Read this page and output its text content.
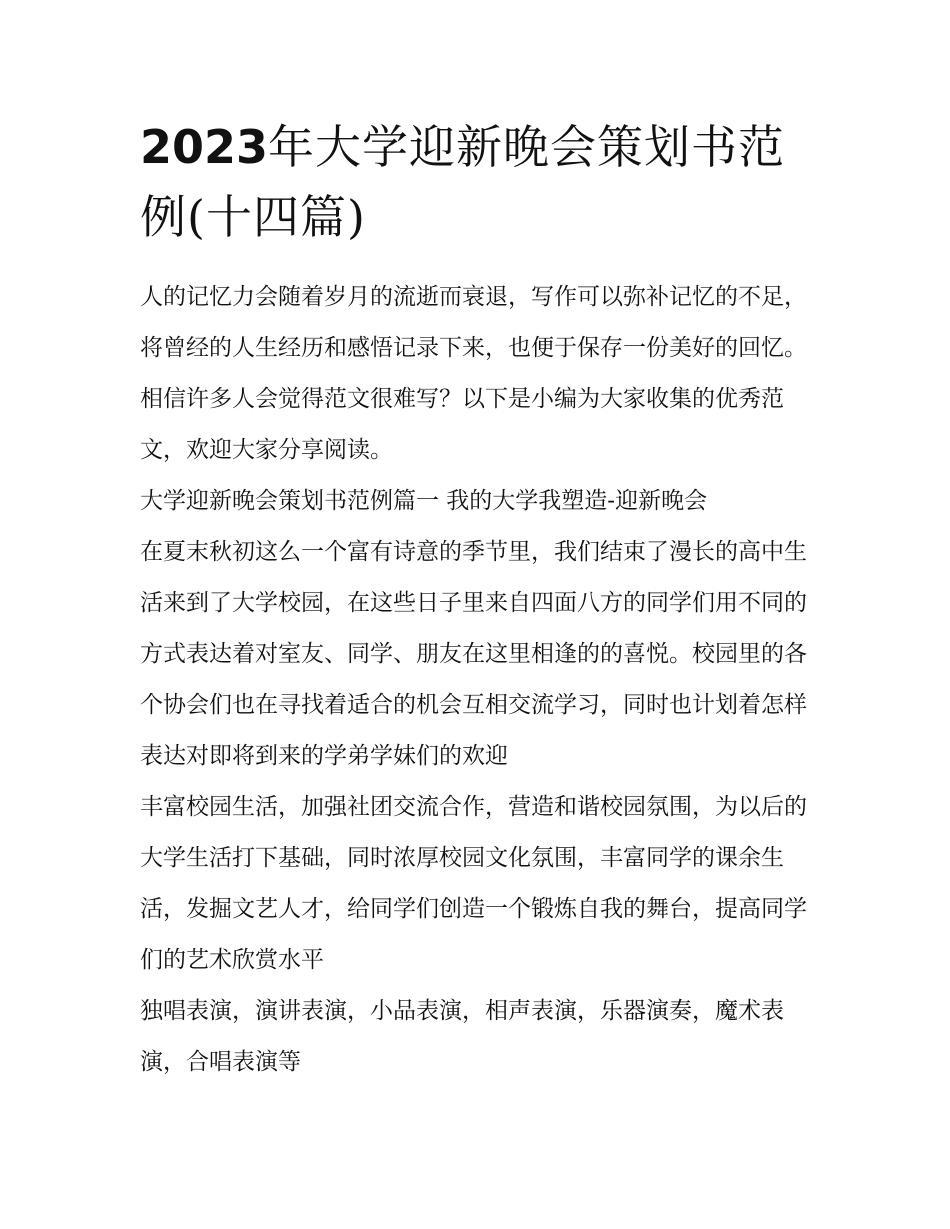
2023年大学迎新晚会策划书范例(十四篇)

人的记忆力会随着岁月的流逝而衰退，写作可以弥补记忆的不足，将曾经的人生经历和感悟记录下来，也便于保存一份美好的回忆。相信许多人会觉得范文很难写？以下是小编为大家收集的优秀范文，欢迎大家分享阅读。

大学迎新晚会策划书范例篇一 我的大学我塑造-迎新晚会

在夏末秋初这么一个富有诗意的季节里，我们结束了漫长的高中生活来到了大学校园，在这些日子里来自四面八方的同学们用不同的方式表达着对室友、同学、朋友在这里相逢的的喜悦。校园里的各个协会们也在寻找着适合的机会互相交流学习，同时也计划着怎样表达对即将到来的学弟学妹们的欢迎

丰富校园生活，加强社团交流合作，营造和谐校园氛围，为以后的大学生活打下基础，同时浓厚校园文化氛围，丰富同学的课余生活，发掘文艺人才，给同学们创造一个锻炼自我的舞台，提高同学们的艺术欣赏水平

独唱表演，演讲表演，小品表演，相声表演，乐器演奏，魔术表演，合唱表演等
